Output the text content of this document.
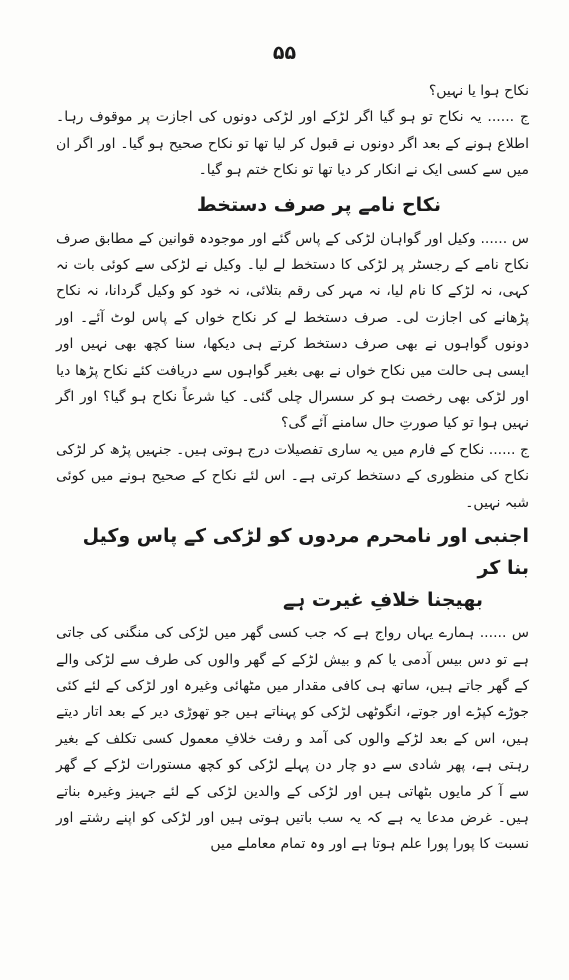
۵۵

نکاح ہوا یا نہیں؟

ج ...... یہ نکاح تو ہو گیا اگر لڑکے اور لڑکی دونوں کی اجازت پر موقوف رہا۔ اطلاع ہونے کے بعد اگر دونوں نے قبول کر لیا تھا تو نکاح صحیح ہو گیا۔ اور اگر ان میں سے کسی ایک نے انکار کر دیا تھا تو نکاح ختم ہو گیا۔

نکاح نامے پر صرف دستخط

س ...... وکیل اور گواہان لڑکی کے پاس گئے اور موجودہ قوانین کے مطابق صرف نکاح نامے کے رجسٹر پر لڑکی کا دستخط لے لیا۔ وکیل نے لڑکی سے کوئی بات نہ کہی، نہ لڑکے کا نام لیا، نہ مہر کی رقم بتلائی، نہ خود کو وکیل گردانا، نہ نکاح پڑھانے کی اجازت لی۔ صرف دستخط لے کر نکاح خواں کے پاس لوٹ آئے۔ اور دونوں گواہوں نے بھی صرف دستخط کرتے ہی دیکھا، سنا کچھ بھی نہیں اور ایسی ہی حالت میں نکاح خواں نے بھی بغیر گواہوں سے دریافت کئے نکاح پڑھا دیا اور لڑکی بھی رخصت ہو کر سسرال چلی گئی۔ کیا شرعاً نکاح ہو گیا؟ اور اگر نہیں ہوا تو کیا صورتِ حال سامنے آئے گی؟

ج ...... نکاح کے فارم میں یہ ساری تفصیلات درج ہوتی ہیں۔ جنہیں پڑھ کر لڑکی نکاح کی منظوری کے دستخط کرتی ہے۔ اس لئے نکاح کے صحیح ہونے میں کوئی شبہ نہیں۔

اجنبی اور نامحرم مردوں کو لڑکی کے پاس وکیل بنا کر
بھیجنا خلافِ غیرت ہے

س ...... ہمارے یہاں رواج ہے کہ جب کسی گھر میں لڑکی کی منگنی کی جاتی ہے تو دس بیس آدمی یا کم و بیش لڑکے کے گھر والوں کی طرف سے لڑکی والے کے گھر جاتے ہیں، ساتھ ہی کافی مقدار میں مٹھائی وغیرہ اور لڑکی کے لئے کئی جوڑے کپڑے اور جوتے، انگوٹھی لڑکی کو پہناتے ہیں جو تھوڑی دیر کے بعد اتار دیتے ہیں، اس کے بعد لڑکے والوں کی آمد و رفت خلافِ معمول کسی تکلف کے بغیر رہتی ہے، پھر شادی سے دو چار دن پہلے لڑکی کو کچھ مستورات لڑکے کے گھر سے آ کر مایوں بٹھاتی ہیں اور لڑکی کے والدین لڑکی کے لئے جہیز وغیرہ بناتے ہیں۔ غرض مدعا یہ ہے کہ یہ سب باتیں ہوتی ہیں اور لڑکی کو اپنے رشتے اور نسبت کا پورا پورا علم ہوتا ہے اور وہ تمام معاملے میں
